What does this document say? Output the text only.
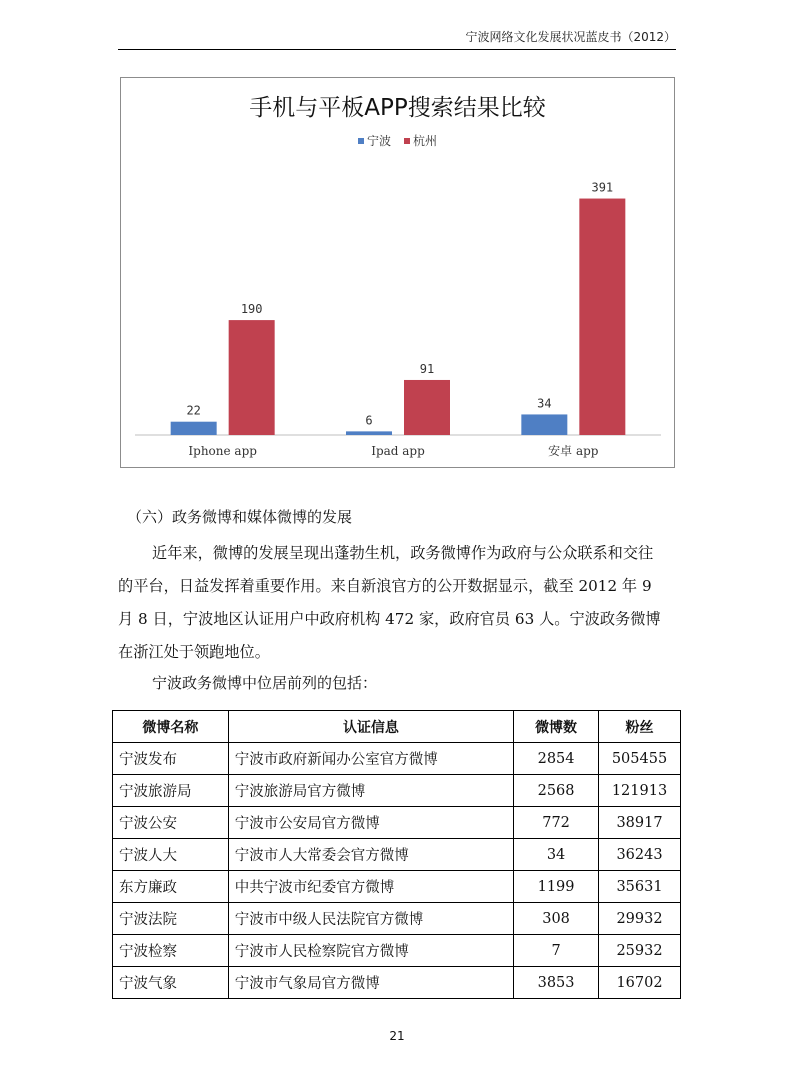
宁波网络文化发展状况蓝皮书（2012）
手机与平板APP搜索结果比较
宁波 杭州
22
190
Iphone app
6
91
Ipad app
34
391
安卓 app
（六）政务微博和媒体微博的发展
近年来，微博的发展呈现出蓬勃生机，政务微博作为政府与公众联系和交往
的平台，日益发挥着重要作用。来自新浪官方的公开数据显示，截至 2012 年 9
月 8 日，宁波地区认证用户中政府机构 472 家，政府官员 63 人。宁波政务微博
在浙江处于领跑地位。
宁波政务微博中位居前列的包括：
微博名称	认证信息	微博数	粉丝
宁波发布	宁波市政府新闻办公室官方微博	2854	505455
宁波旅游局	宁波旅游局官方微博	2568	121913
宁波公安	宁波市公安局官方微博	772	38917
宁波人大	宁波市人大常委会官方微博	34	36243
东方廉政	中共宁波市纪委官方微博	1199	35631
宁波法院	宁波市中级人民法院官方微博	308	29932
宁波检察	宁波市人民检察院官方微博	7	25932
宁波气象	宁波市气象局官方微博	3853	16702
21
